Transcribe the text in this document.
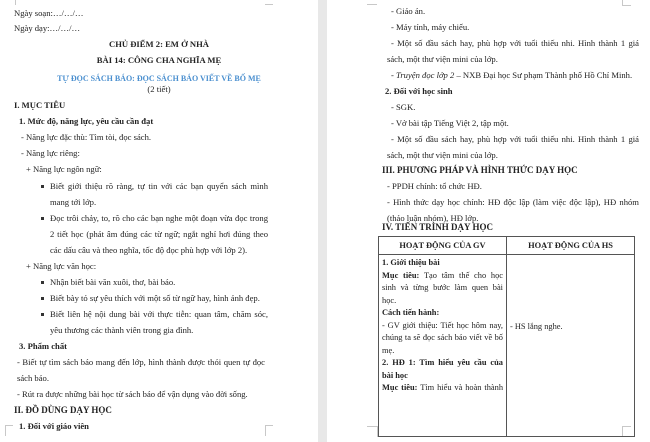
Ngày soạn:…/…/…
Ngày dạy:…/…/…
CHỦ ĐIỂM 2: EM Ở NHÀ
BÀI 14: CÔNG CHA NGHĨA MẸ
TỰ ĐỌC SÁCH BÁO: ĐỌC SÁCH BÁO VIẾT VỀ BỐ MẸ
(2 tiết)
I. MỤC TIÊU
1. Mức độ, năng lực, yêu cầu cần đạt
- Năng lực đặc thù: Tìm tòi, đọc sách.
- Năng lực riêng:
+ Năng lực ngôn ngữ:
Biết giới thiệu rõ ràng, tự tin với các bạn quyển sách mình
mang tới lớp.
Đọc trôi chảy, to, rõ cho các bạn nghe một đoạn vừa đọc trong
2 tiết học (phát âm đúng các từ ngữ; ngắt nghỉ hơi đúng theo
các dấu câu và theo nghĩa, tốc độ đọc phù hợp với lớp 2).
+ Năng lực văn học:
Nhận biết bài văn xuôi, thơ, bài báo.
Biết bày tỏ sự yêu thích với một số từ ngữ hay, hình ảnh đẹp.
Biết liên hệ nội dung bài với thực tiễn: quan tâm, chăm sóc,
yêu thương các thành viên trong gia đình.
3. Phẩm chất
- Biết tự tìm sách báo mang đến lớp, hình thành được thói quen tự đọc
sách báo.
- Rút ra được những bài học từ sách báo để vận dụng vào đời sống.
II. ĐỒ DÙNG DẠY HỌC
1. Đối với giáo viên
- Giáo án.
- Máy tính, máy chiếu.
- Một số đầu sách hay, phù hợp với tuổi thiếu nhi. Hình thành 1 giá
sách, một thư viện mini của lớp.
- Truyện đọc lớp 2 – NXB Đại học Sư phạm Thành phố Hồ Chí Minh.
2. Đối với học sinh
- SGK.
- Vở bài tập Tiếng Việt 2, tập một.
- Một số đầu sách hay, phù hợp với tuổi thiếu nhi. Hình thành 1 giá
sách, một thư viện mini của lớp.
III. PHƯƠNG PHÁP VÀ HÌNH THỨC DẠY HỌC
- PPDH chính: tổ chức HĐ.
- Hình thức dạy học chính: HĐ độc lập (làm việc độc lập), HĐ nhóm
(thảo luận nhóm), HĐ lớp.
IV. TIẾN TRÌNH DẠY HỌC
HOẠT ĐỘNG CỦA GV	HOẠT ĐỘNG CỦA HS

1. Giới thiệu bài
Mục tiêu: Tạo tâm thế cho học
sinh và từng bước làm quen bài
học.
Cách tiến hành:
- GV giới thiệu: Tiết học hôm nay,
chúng ta sẽ đọc sách báo viết về bố
mẹ.
2. HĐ 1: Tìm hiểu yêu cầu của
bài học
Mục tiêu: Tìm hiểu và hoàn thành

- HS lắng nghe.
